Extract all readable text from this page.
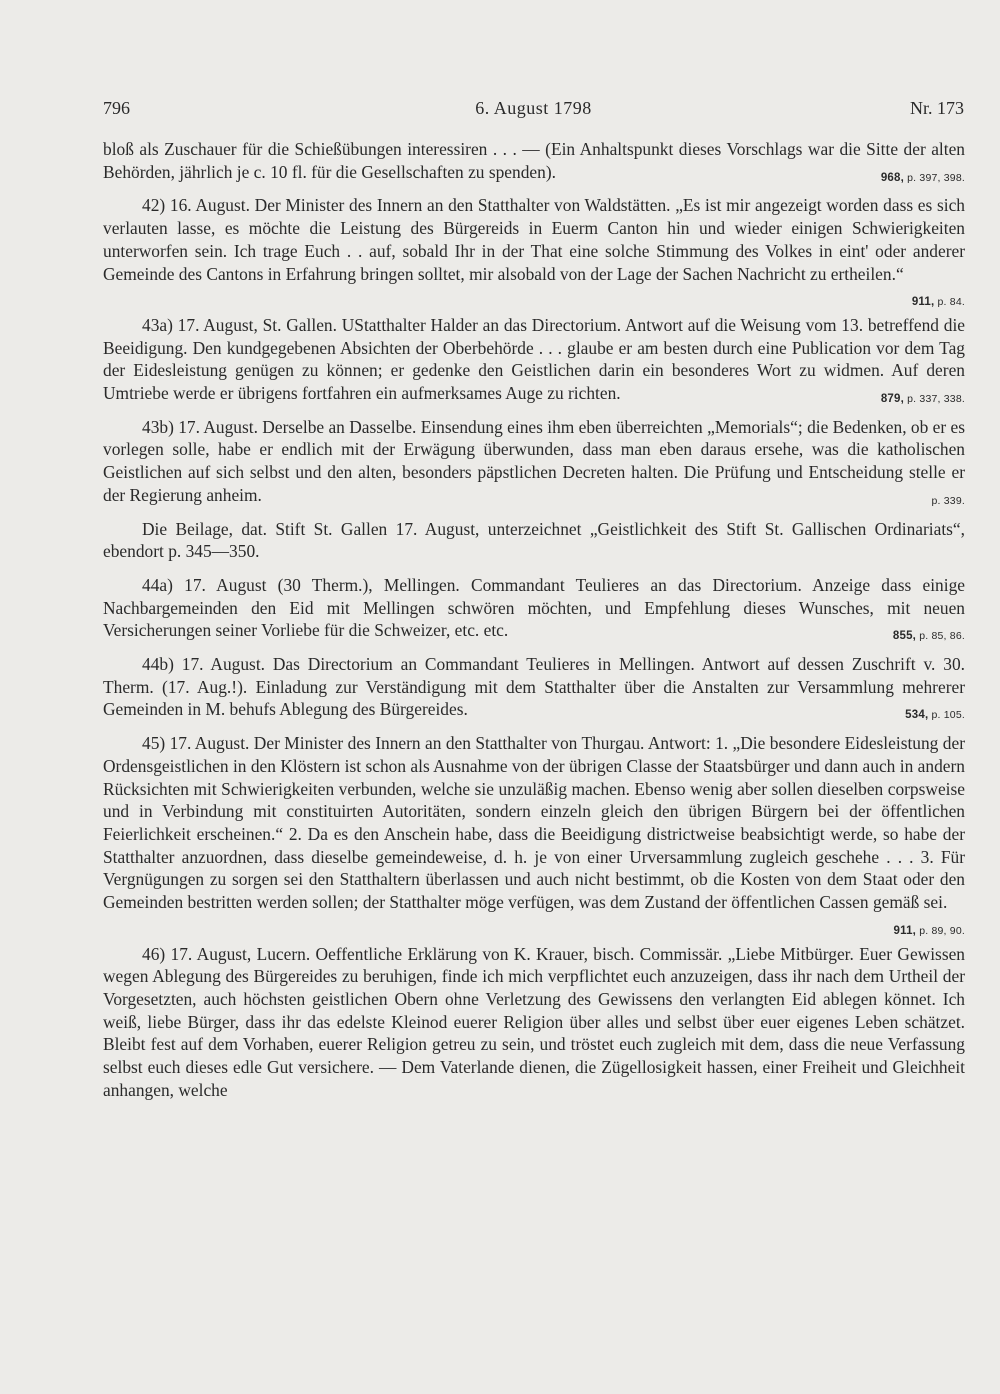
796	6. August 1798	Nr. 173

bloß als Zuschauer für die Schießübungen interessiren . . . — (Ein Anhaltspunkt dieses Vorschlags war die Sitte der alten Behörden, jährlich je c. 10 fl. für die Gesellschaften zu spenden).	968, p. 397, 398.

42) 16. August. Der Minister des Innern an den Statthalter von Waldstätten. „Es ist mir angezeigt worden dass es sich verlauten lasse, es möchte die Leistung des Bürgereids in Euerm Canton hin und wieder einigen Schwierigkeiten unterworfen sein. Ich trage Euch . . auf, sobald Ihr in der That eine solche Stimmung des Volkes in eint' oder anderer Gemeinde des Cantons in Erfahrung bringen solltet, mir alsobald von der Lage der Sachen Nachricht zu ertheilen.“
911, p. 84.

43a) 17. August, St. Gallen. UStatthalter Halder an das Directorium. Antwort auf die Weisung vom 13. betreffend die Beeidigung. Den kundgegebenen Absichten der Oberbehörde . . . glaube er am besten durch eine Publication vor dem Tag der Eidesleistung genügen zu können; er gedenke den Geistlichen darin ein besonderes Wort zu widmen. Auf deren Umtriebe werde er übrigens fortfahren ein aufmerksames Auge zu richten.	879, p. 337, 338.

43b) 17. August. Derselbe an Dasselbe. Einsendung eines ihm eben überreichten „Memorials“; die Bedenken, ob er es vorlegen solle, habe er endlich mit der Erwägung überwunden, dass man eben daraus ersehe, was die katholischen Geistlichen auf sich selbst und den alten, besonders päpstlichen Decreten halten. Die Prüfung und Entscheidung stelle er der Regierung anheim.	p. 339.

Die Beilage, dat. Stift St. Gallen 17. August, unterzeichnet „Geistlichkeit des Stift St. Gallischen Ordinariats“, ebendort p. 345—350.

44a) 17. August (30 Therm.), Mellingen. Commandant Teulieres an das Directorium. Anzeige dass einige Nachbargemeinden den Eid mit Mellingen schwören möchten, und Empfehlung dieses Wunsches, mit neuen Versicherungen seiner Vorliebe für die Schweizer, etc. etc.	855, p. 85, 86.

44b) 17. August. Das Directorium an Commandant Teulieres in Mellingen. Antwort auf dessen Zuschrift v. 30. Therm. (17. Aug.!). Einladung zur Verständigung mit dem Statthalter über die Anstalten zur Versammlung mehrerer Gemeinden in M. behufs Ablegung des Bürgereides.	534, p. 105.

45) 17. August. Der Minister des Innern an den Statthalter von Thurgau. Antwort: 1. „Die besondere Eidesleistung der Ordensgeistlichen in den Klöstern ist schon als Ausnahme von der übrigen Classe der Staatsbürger und dann auch in andern Rücksichten mit Schwierigkeiten verbunden, welche sie unzuläßig machen. Ebenso wenig aber sollen dieselben corpsweise und in Verbindung mit constituirten Autoritäten, sondern einzeln gleich den übrigen Bürgern bei der öffentlichen Feierlichkeit erscheinen.“ 2. Da es den Anschein habe, dass die Beeidigung districtweise beabsichtigt werde, so habe der Statthalter anzuordnen, dass dieselbe gemeindeweise, d. h. je von einer Urversammlung zugleich geschehe . . . 3. Für Vergnügungen zu sorgen sei den Statthaltern überlassen und auch nicht bestimmt, ob die Kosten von dem Staat oder den Gemeinden bestritten werden sollen; der Statthalter möge verfügen, was dem Zustand der öffentlichen Cassen gemäß sei.
911, p. 89, 90.

46) 17. August, Lucern. Oeffentliche Erklärung von K. Krauer, bisch. Commissär. „Liebe Mitbürger. Euer Gewissen wegen Ablegung des Bürgereides zu beruhigen, finde ich mich verpflichtet euch anzuzeigen, dass ihr nach dem Urtheil der Vorgesetzten, auch höchsten geistlichen Obern ohne Verletzung des Gewissens den verlangten Eid ablegen könnet. Ich weiß, liebe Bürger, dass ihr das edelste Kleinod euerer Religion über alles und selbst über euer eigenes Leben schätzet. Bleibt fest auf dem Vorhaben, euerer Religion getreu zu sein, und tröstet euch zugleich mit dem, dass die neue Verfassung selbst euch dieses edle Gut versichere. — Dem Vaterlande dienen, die Zügellosigkeit hassen, einer Freiheit und Gleichheit anhangen, welche
